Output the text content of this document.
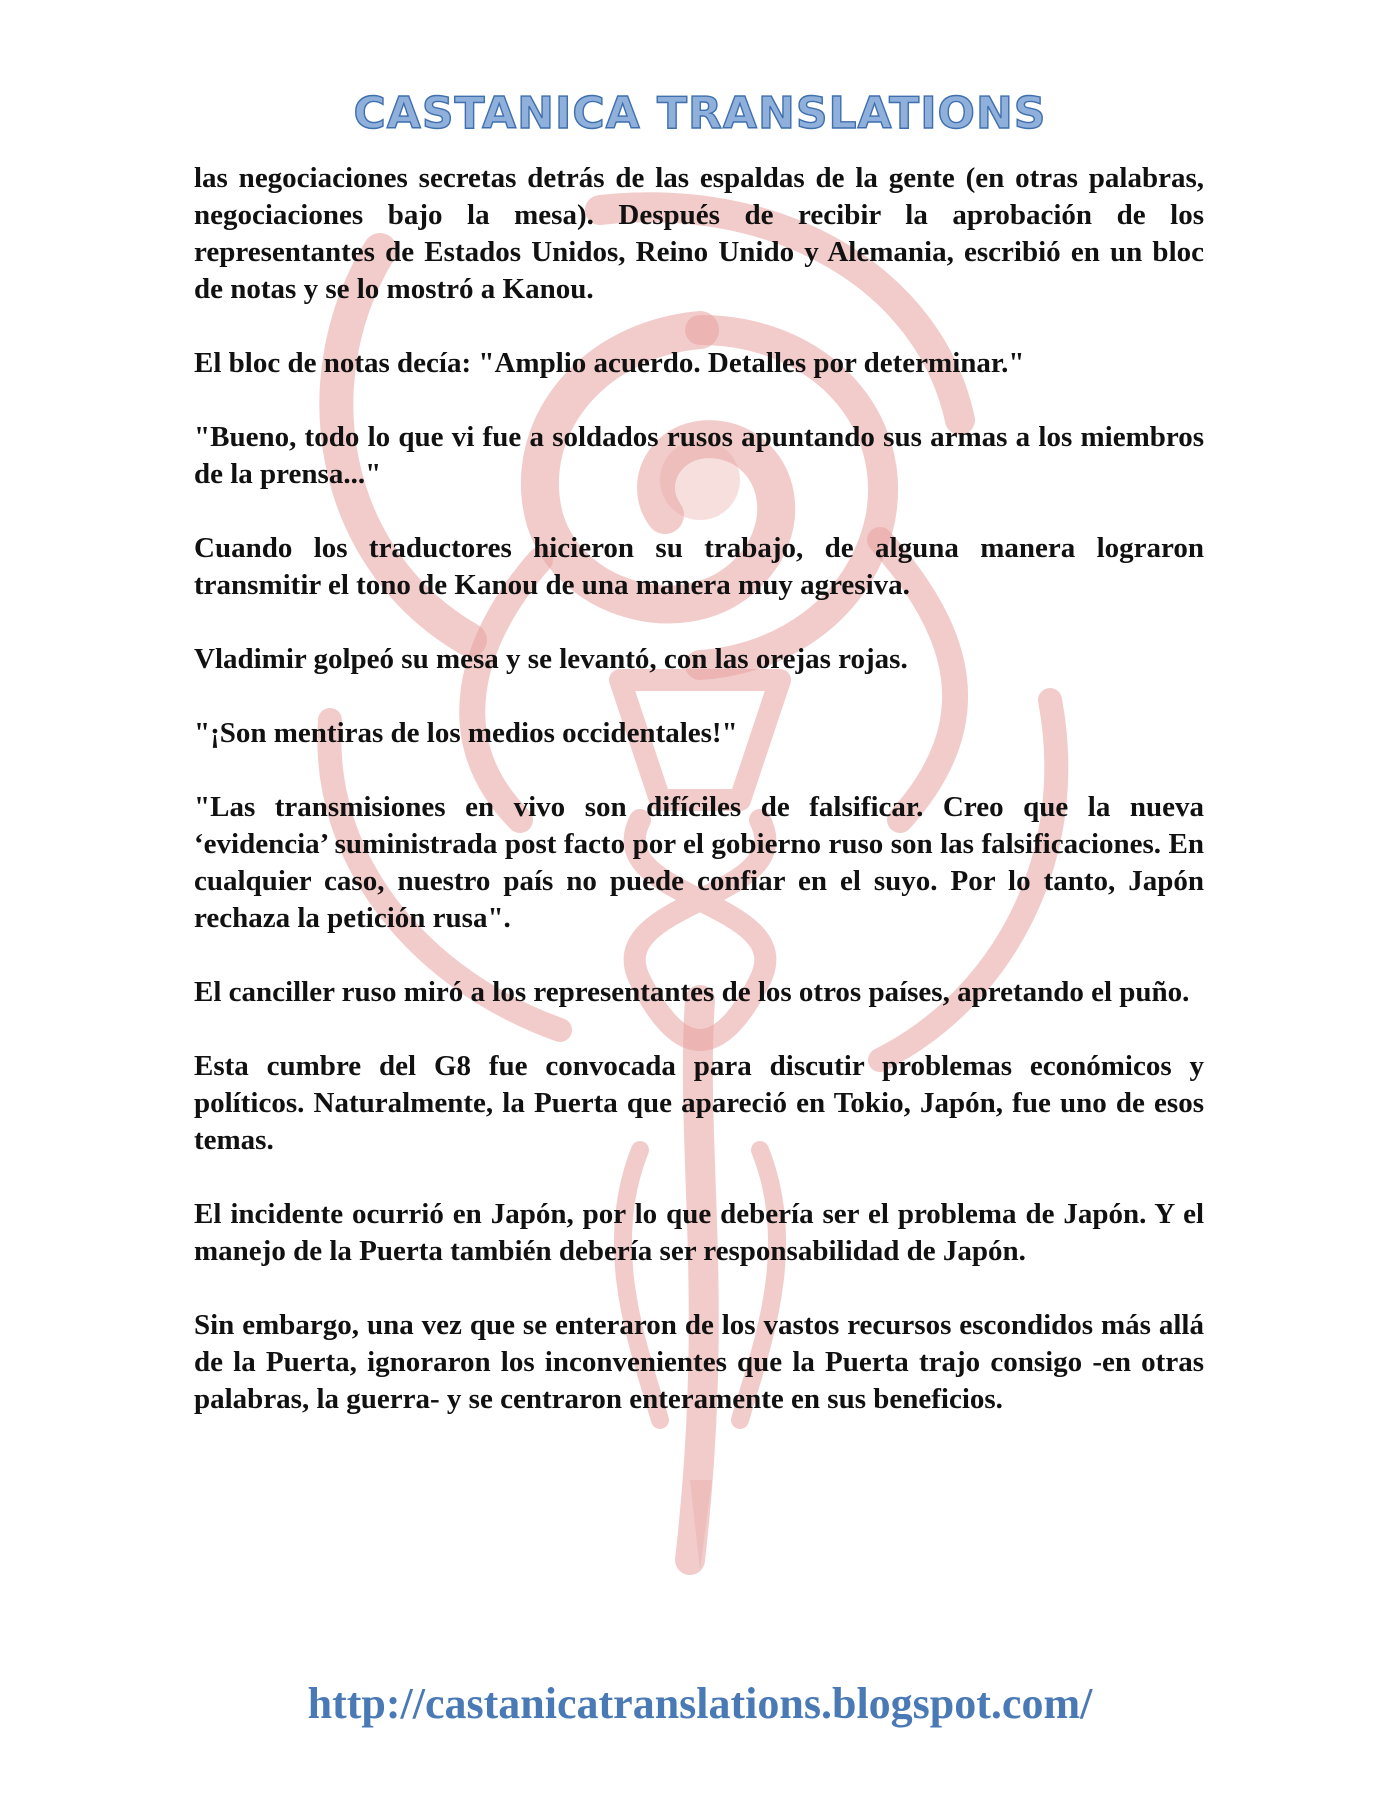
CASTANICA TRANSLATIONS

las negociaciones secretas detrás de las espaldas de la gente (en otras palabras, negociaciones bajo la mesa). Después de recibir la aprobación de los representantes de Estados Unidos, Reino Unido y Alemania, escribió en un bloc de notas y se lo mostró a Kanou.

El bloc de notas decía: "Amplio acuerdo. Detalles por determinar."

"Bueno, todo lo que vi fue a soldados rusos apuntando sus armas a los miembros de la prensa..."

Cuando los traductores hicieron su trabajo, de alguna manera lograron transmitir el tono de Kanou de una manera muy agresiva.

Vladimir golpeó su mesa y se levantó, con las orejas rojas.

"¡Son mentiras de los medios occidentales!"

"Las transmisiones en vivo son difíciles de falsificar. Creo que la nueva ‘evidencia’ suministrada post facto por el gobierno ruso son las falsificaciones. En cualquier caso, nuestro país no puede confiar en el suyo. Por lo tanto, Japón rechaza la petición rusa".

El canciller ruso miró a los representantes de los otros países, apretando el puño.

Esta cumbre del G8 fue convocada para discutir problemas económicos y políticos. Naturalmente, la Puerta que apareció en Tokio, Japón, fue uno de esos temas.

El incidente ocurrió en Japón, por lo que debería ser el problema de Japón. Y el manejo de la Puerta también debería ser responsabilidad de Japón.

Sin embargo, una vez que se enteraron de los vastos recursos escondidos más allá de la Puerta, ignoraron los inconvenientes que la Puerta trajo consigo -en otras palabras, la guerra- y se centraron enteramente en sus beneficios.

http://castanicatranslations.blogspot.com/
